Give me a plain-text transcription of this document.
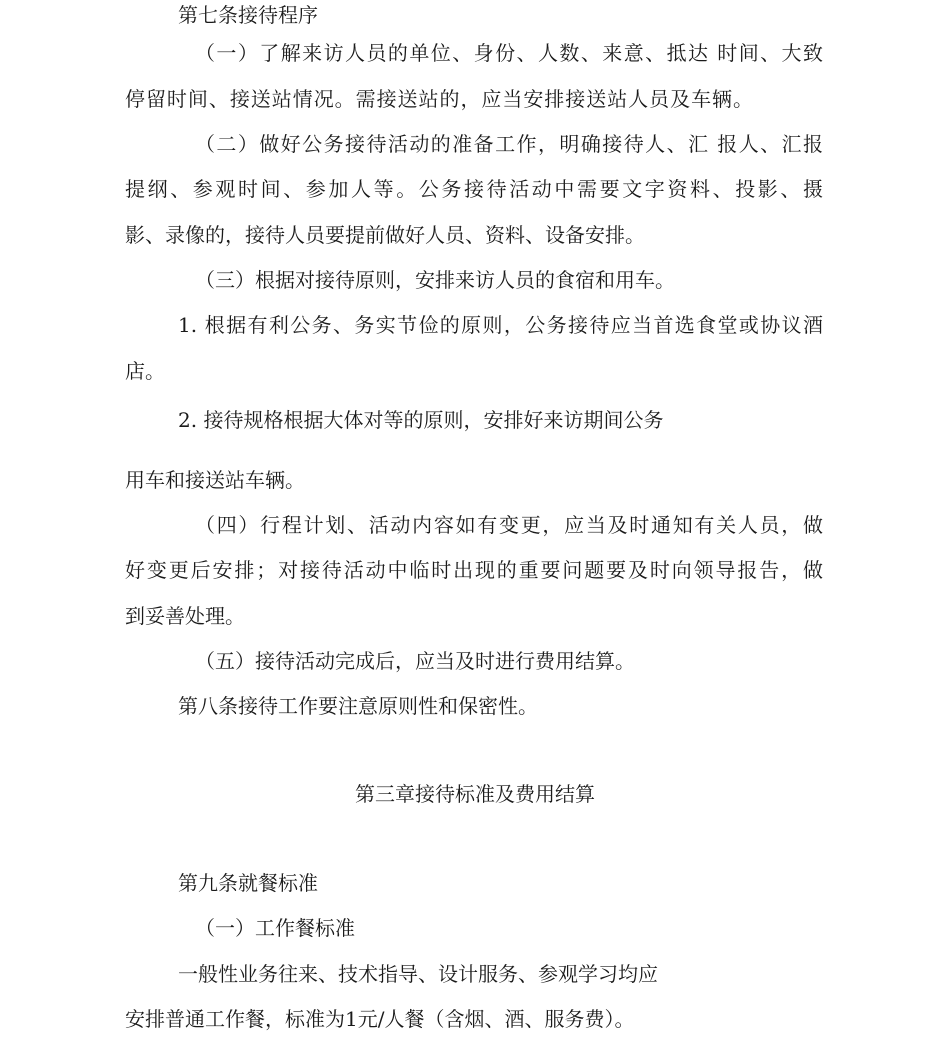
第七条接待程序

（一）了解来访人员的单位、身份、人数、来意、抵达 时间、大致

停留时间、接送站情况。需接送站的，应当安排接送站人员及车辆。

（二）做好公务接待活动的准备工作，明确接待人、汇 报人、汇报

提纲、参观时间、参加人等。公务接待活动中需要文字资料、投影、摄

影、录像的，接待人员要提前做好人员、资料、设备安排。

（三）根据对接待原则，安排来访人员的食宿和用车。

1. 根据有利公务、务实节俭的原则，公务接待应当首选食堂或协议酒

店。

2. 接待规格根据大体对等的原则，安排好来访期间公务

用车和接送站车辆。

（四）行程计划、活动内容如有变更，应当及时通知有关人员，做

好变更后安排；对接待活动中临时出现的重要问题要及时向领导报告，做

到妥善处理。

（五）接待活动完成后，应当及时进行费用结算。

第八条接待工作要注意原则性和保密性。

第三章接待标准及费用结算

第九条就餐标准

（一）工作餐标准

一般性业务往来、技术指导、设计服务、参观学习均应

安排普通工作餐，标准为1元/人餐（含烟、酒、服务费）。
